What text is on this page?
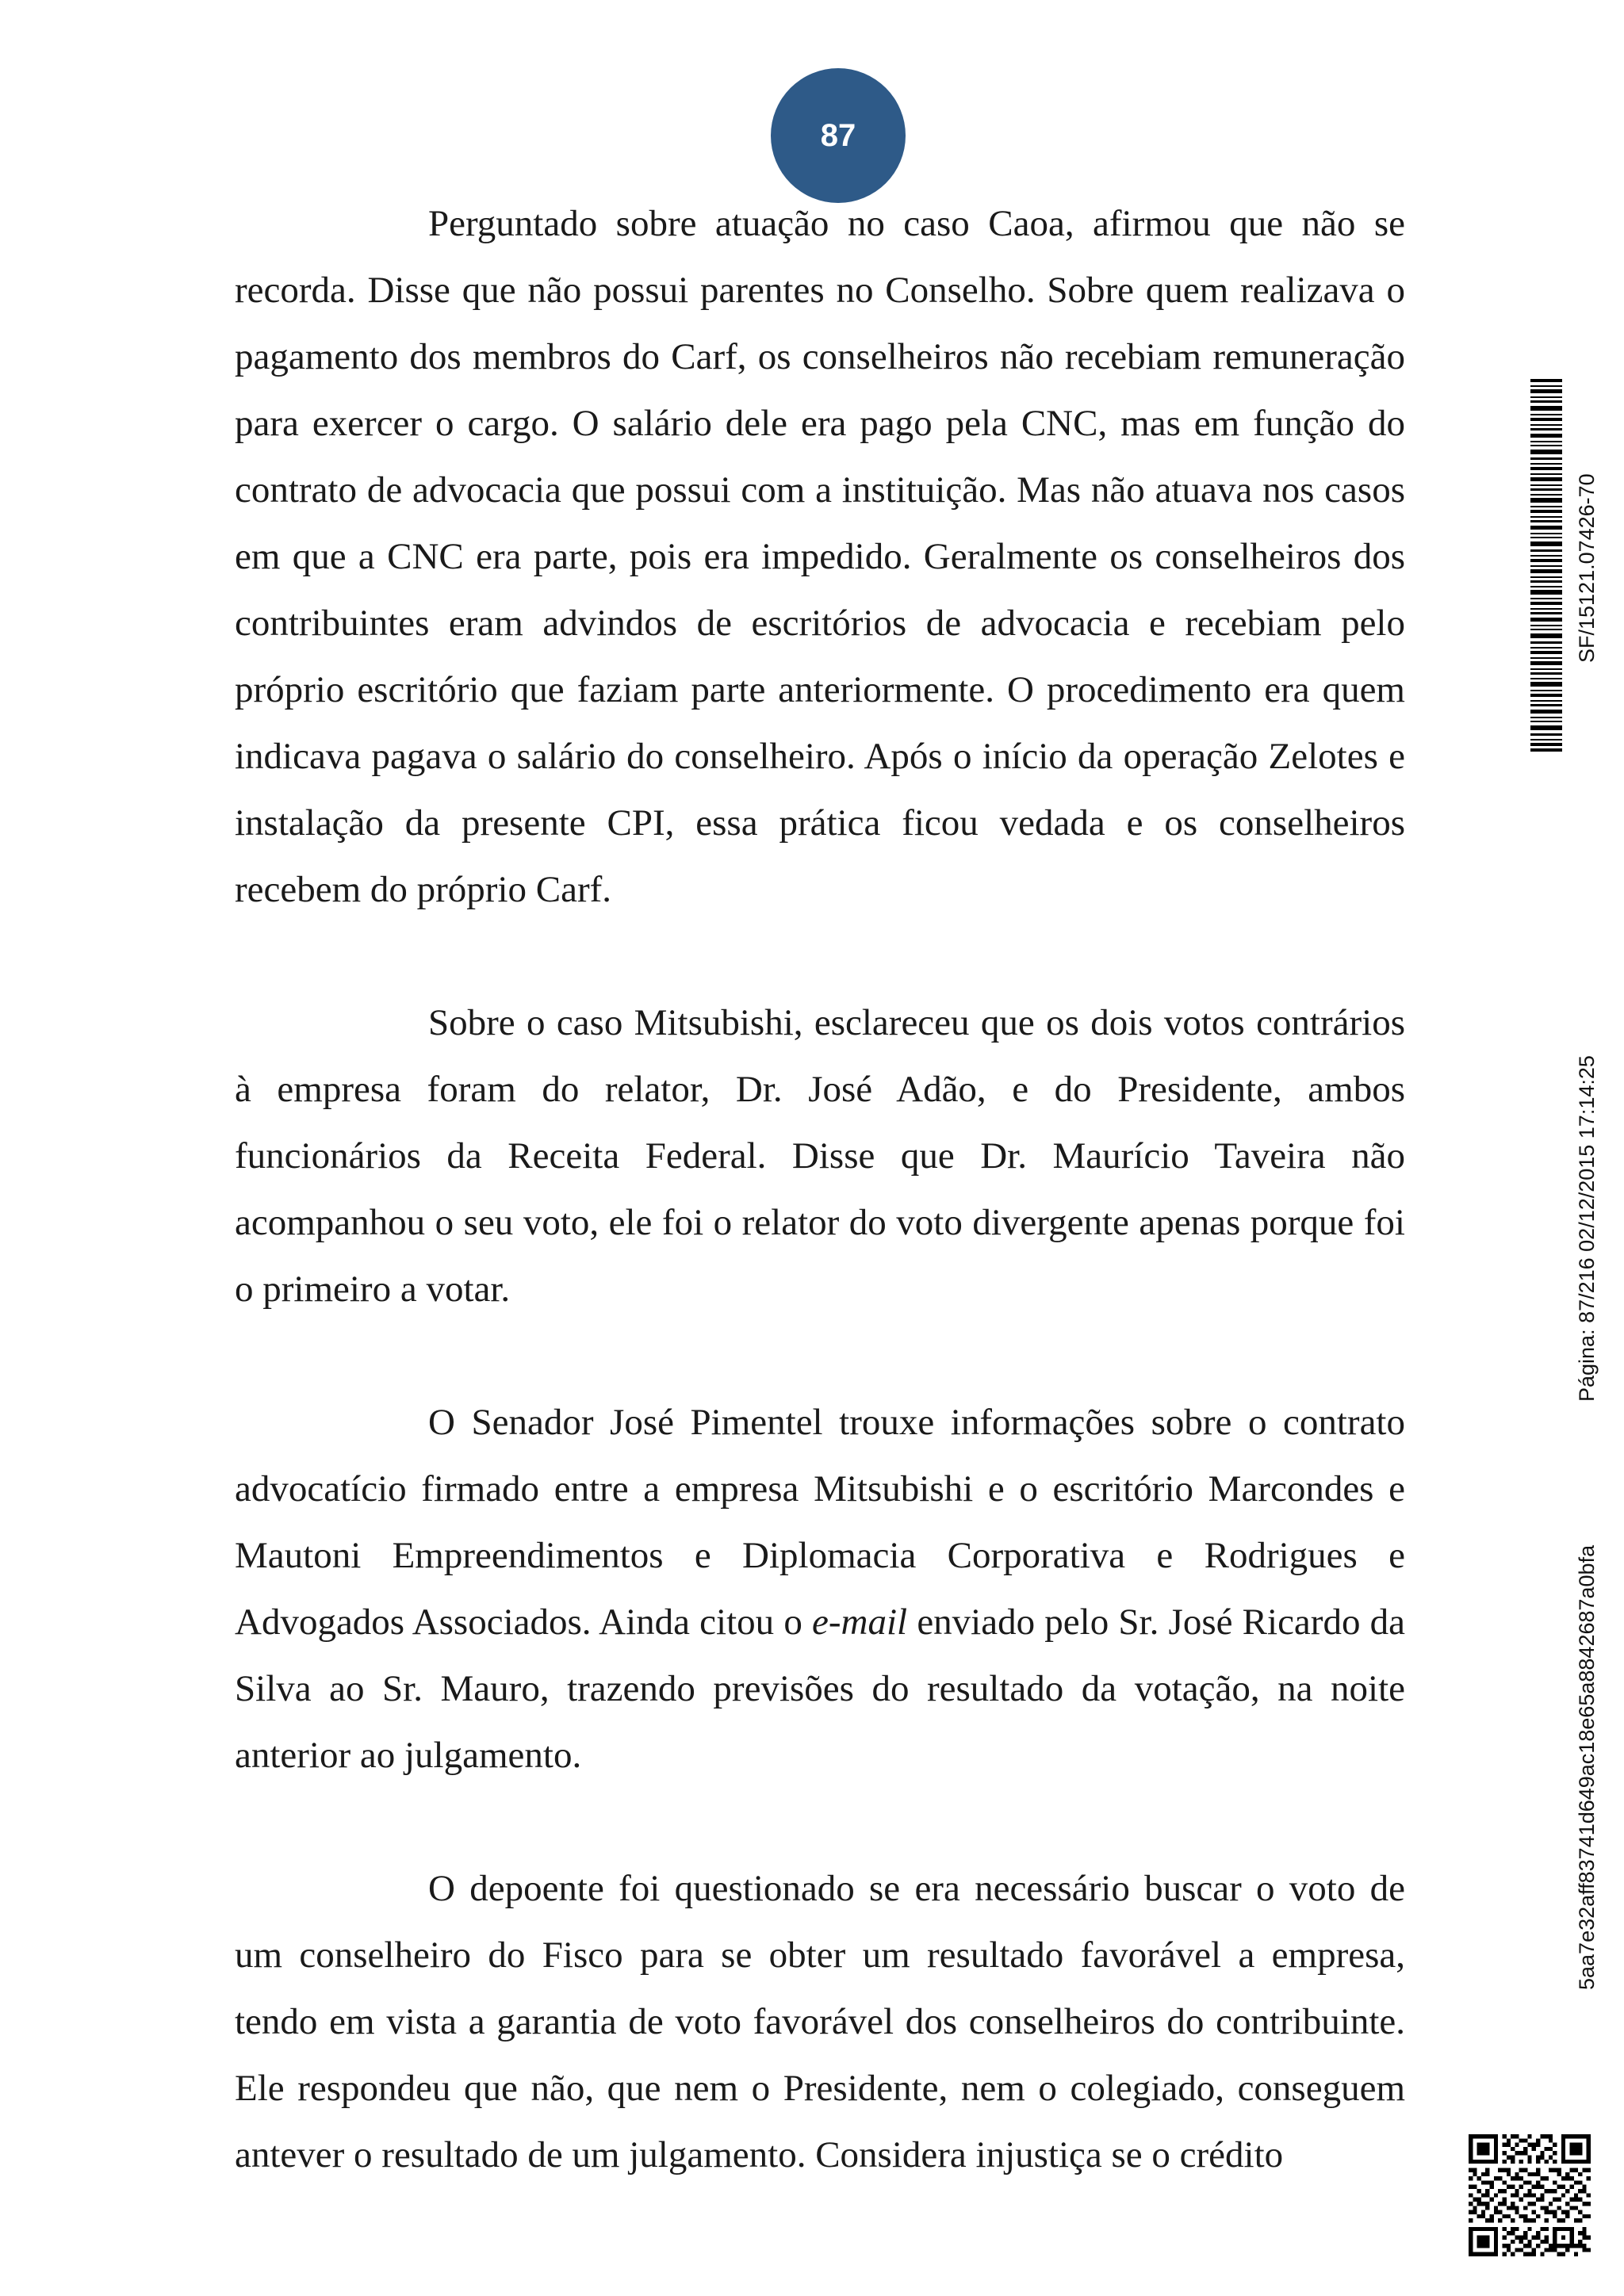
87

Perguntado sobre atuação no caso Caoa, afirmou que não se recorda. Disse que não possui parentes no Conselho. Sobre quem realizava o pagamento dos membros do Carf, os conselheiros não recebiam remuneração para exercer o cargo. O salário dele era pago pela CNC, mas em função do contrato de advocacia que possui com a instituição. Mas não atuava nos casos em que a CNC era parte, pois era impedido. Geralmente os conselheiros dos contribuintes eram advindos de escritórios de advocacia e recebiam pelo próprio escritório que faziam parte anteriormente. O procedimento era quem indicava pagava o salário do conselheiro. Após o início da operação Zelotes e instalação da presente CPI, essa prática ficou vedada e os conselheiros recebem do próprio Carf.

Sobre o caso Mitsubishi, esclareceu que os dois votos contrários à empresa foram do relator, Dr. José Adão, e do Presidente, ambos funcionários da Receita Federal. Disse que Dr. Maurício Taveira não acompanhou o seu voto, ele foi o relator do voto divergente apenas porque foi o primeiro a votar.

O Senador José Pimentel trouxe informações sobre o contrato advocatício firmado entre a empresa Mitsubishi e o escritório Marcondes e Mautoni Empreendimentos e Diplomacia Corporativa e Rodrigues e Advogados Associados. Ainda citou o e-mail enviado pelo Sr. José Ricardo da Silva ao Sr. Mauro, trazendo previsões do resultado da votação, na noite anterior ao julgamento.

O depoente foi questionado se era necessário buscar o voto de um conselheiro do Fisco para se obter um resultado favorável a empresa, tendo em vista a garantia de voto favorável dos conselheiros do contribuinte. Ele respondeu que não, que nem o Presidente, nem o colegiado, conseguem antever o resultado de um julgamento. Considera injustiça se o crédito

SF/15121.07426-70
Página: 87/216 02/12/2015 17:14:25
5aa7e32aff83741d649ac18e65a8842687a0bfa
